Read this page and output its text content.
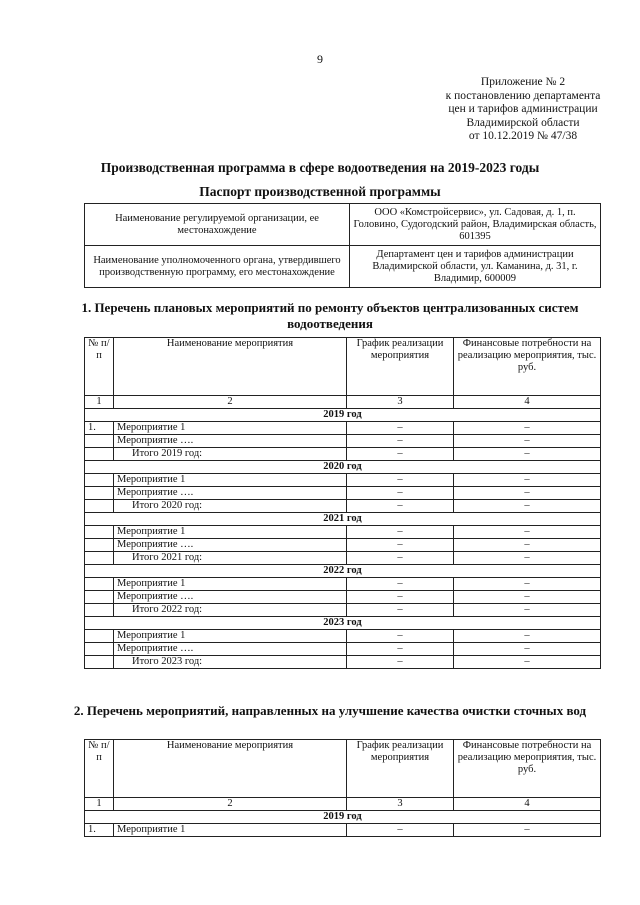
9
Приложение № 2
к постановлению департамента
цен и тарифов администрации
Владимирской области
от 10.12.2019 № 47/38
Производственная программа в сфере водоотведения на 2019-2023 годы
Паспорт производственной программы
Наименование регулируемой организации, ее местонахождение	ООО «Комстройсервис», ул. Садовая, д. 1, п. Головино, Судогодский район, Владимирская область, 601395
Наименование уполномоченного органа, утвердившего производственную программу, его местонахождение	Департамент цен и тарифов администрации Владимирской области, ул. Каманина, д. 31, г. Владимир, 600009
1. Перечень плановых мероприятий по ремонту объектов централизованных систем водоотведения
№ п/п	Наименование мероприятия	График реализации мероприятия	Финансовые потребности на реализацию мероприятия, тыс. руб.
1	2	3	4
2019 год			
1.	Мероприятие 1	–	–
	Мероприятие ….	–	–
	Итого 2019 год:	–	–
2020 год			
	Мероприятие 1	–	–
	Мероприятие ….	–	–
	Итого 2020 год:	–	–
2021 год			
	Мероприятие 1	–	–
	Мероприятие ….	–	–
	Итого 2021 год:	–	–
2022 год			
	Мероприятие 1	–	–
	Мероприятие ….	–	–
	Итого 2022 год:	–	–
2023 год			
	Мероприятие 1	–	–
	Мероприятие ….	–	–
	Итого 2023 год:	–	–
2. Перечень мероприятий, направленных на улучшение качества очистки сточных вод
№ п/п	Наименование мероприятия	График реализации мероприятия	Финансовые потребности на реализацию мероприятия, тыс. руб.
1	2	3	4
2019 год			
1.	Мероприятие 1	–	–
